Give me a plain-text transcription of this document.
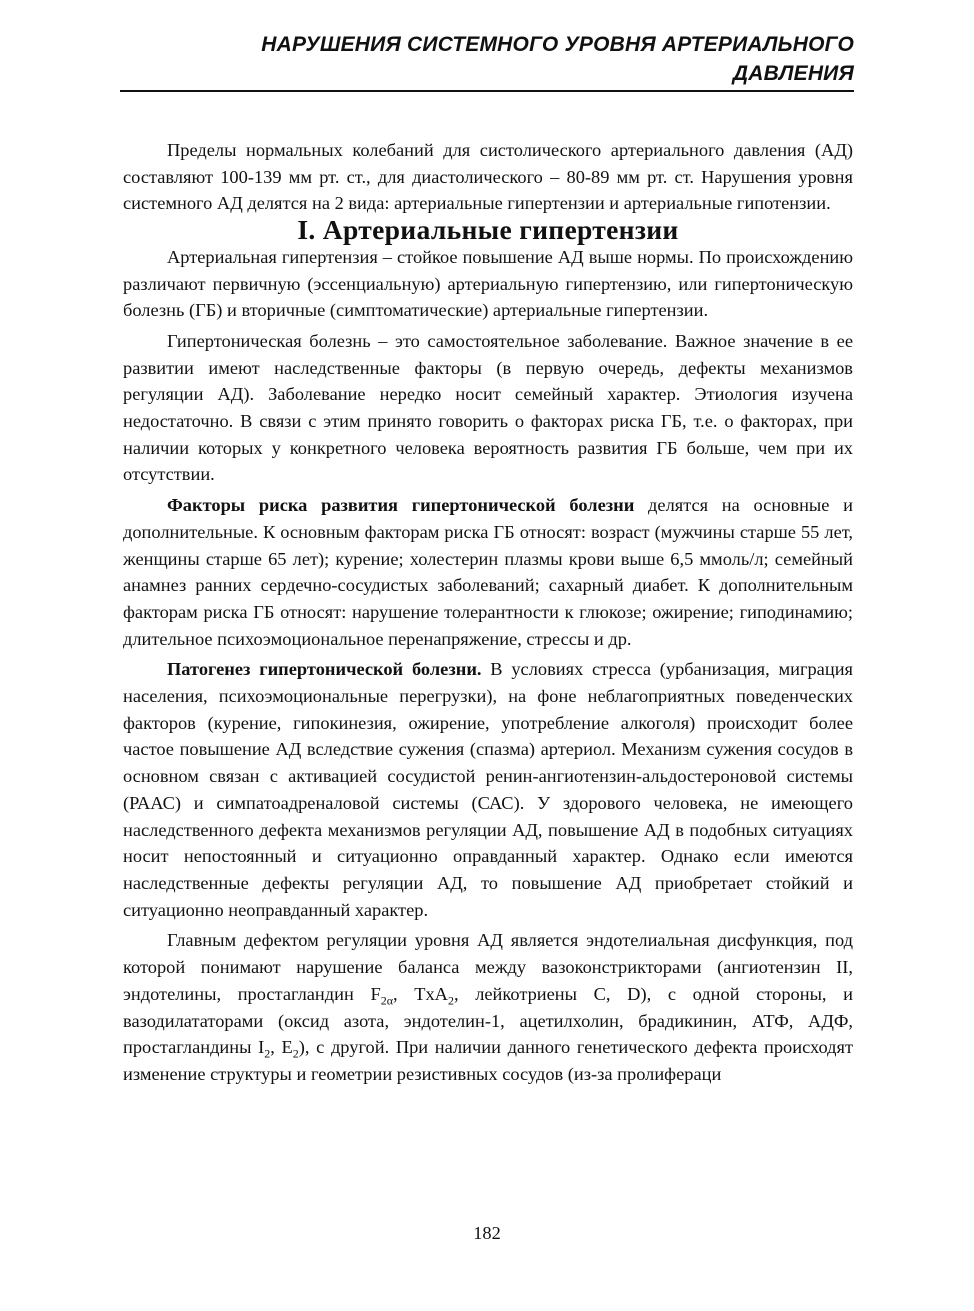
НАРУШЕНИЯ СИСТЕМНОГО УРОВНЯ АРТЕРИАЛЬНОГО
ДАВЛЕНИЯ

Пределы нормальных колебаний для систолического артериального давления (АД) составляют 100-139 мм рт. ст., для диастолического – 80-89 мм рт. ст. Нарушения уровня системного АД делятся на 2 вида: артериальные гипертензии и артериальные гипотензии.

I. Артериальные гипертензии

Артериальная гипертензия – стойкое повышение АД выше нормы. По происхождению различают первичную (эссенциальную) артериальную гипертензию, или гипертоническую болезнь (ГБ) и вторичные (симптоматические) артериальные гипертензии.

Гипертоническая болезнь – это самостоятельное заболевание. Важное значение в ее развитии имеют наследственные факторы (в первую очередь, дефекты механизмов регуляции АД). Заболевание нередко носит семейный характер. Этиология изучена недостаточно. В связи с этим принято говорить о факторах риска ГБ, т.е. о факторах, при наличии которых у конкретного человека вероятность развития ГБ больше, чем при их отсутствии.

Факторы риска развития гипертонической болезни делятся на основные и дополнительные. К основным факторам риска ГБ относят: возраст (мужчины старше 55 лет, женщины старше 65 лет); курение; холестерин плазмы крови выше 6,5 ммоль/л; семейный анамнез ранних сердечно-сосудистых заболеваний; сахарный диабет. К дополнительным факторам риска ГБ относят: нарушение толерантности к глюкозе; ожирение; гиподинамию; длительное психоэмоциональное перенапряжение, стрессы и др.

Патогенез гипертонической болезни. В условиях стресса (урбанизация, миграция населения, психоэмоциональные перегрузки), на фоне неблагоприятных поведенческих факторов (курение, гипокинезия, ожирение, употребление алкоголя) происходит более частое повышение АД вследствие сужения (спазма) артериол. Механизм сужения сосудов в основном связан с активацией сосудистой ренин-ангиотензин-альдостероновой системы (РААС) и симпатоадреналовой системы (САС). У здорового человека, не имеющего наследственного дефекта механизмов регуляции АД, повышение АД в подобных ситуациях носит непостоянный и ситуационно оправданный характер. Однако если имеются наследственные дефекты регуляции АД, то повышение АД приобретает стойкий и ситуационно неоправданный характер.

Главным дефектом регуляции уровня АД является эндотелиальная дисфункция, под которой понимают нарушение баланса между вазоконстрикторами (ангиотензин II, эндотелины, простагландин $F_{2\alpha}$, TxA$_2$, лейкотриены C, D), с одной стороны, и вазодилататорами (оксид азота, эндотелин-1, ацетилхолин, брадикинин, АТФ, АДФ, простагландины $I_2$, $E_2$), с другой. При наличии данного генетического дефекта происходят изменение структуры и геометрии резистивных сосудов (из-за пролифераци

182
